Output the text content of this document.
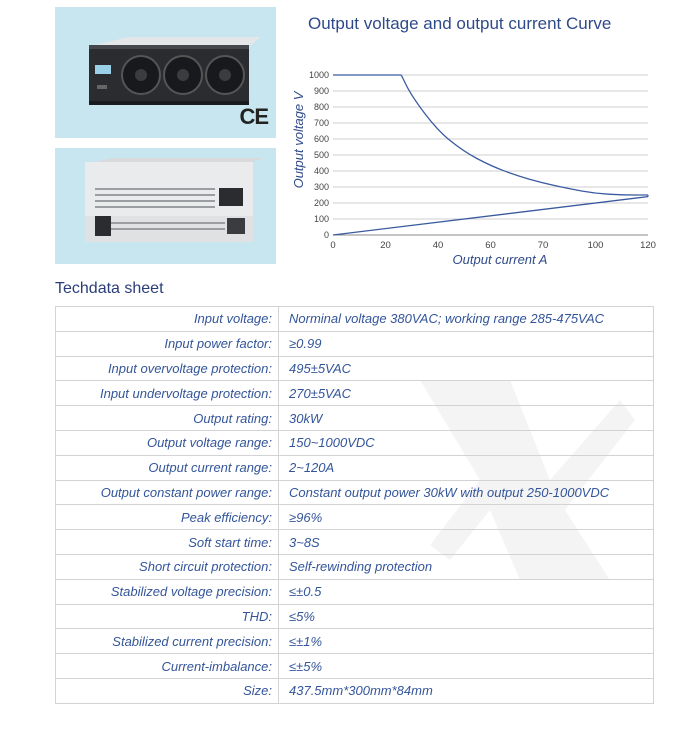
CE
Output voltage and output current Curve
0
100
200
300
400
500
600
700
800
900
1000
0	20	40	60	70	100	120
Output current A
Output voltage V
Techdata sheet
Input voltage:	Norminal voltage 380VAC; working range 285-475VAC
Input power factor:	≥0.99
Input overvoltage protection:	495±5VAC
Input undervoltage protection:	270±5VAC
Output rating:	30kW
Output voltage range:	150~1000VDC
Output current range:	2~120A
Output constant power range:	Constant output power 30kW with output 250-1000VDC
Peak efficiency:	≥96%
Soft start time:	3~8S
Short circuit protection:	Self-rewinding protection
Stabilized voltage precision:	≤±0.5
THD:	≤5%
Stabilized current precision:	≤±1%
Current-imbalance:	≤±5%
Size:	437.5mm*300mm*84mm
